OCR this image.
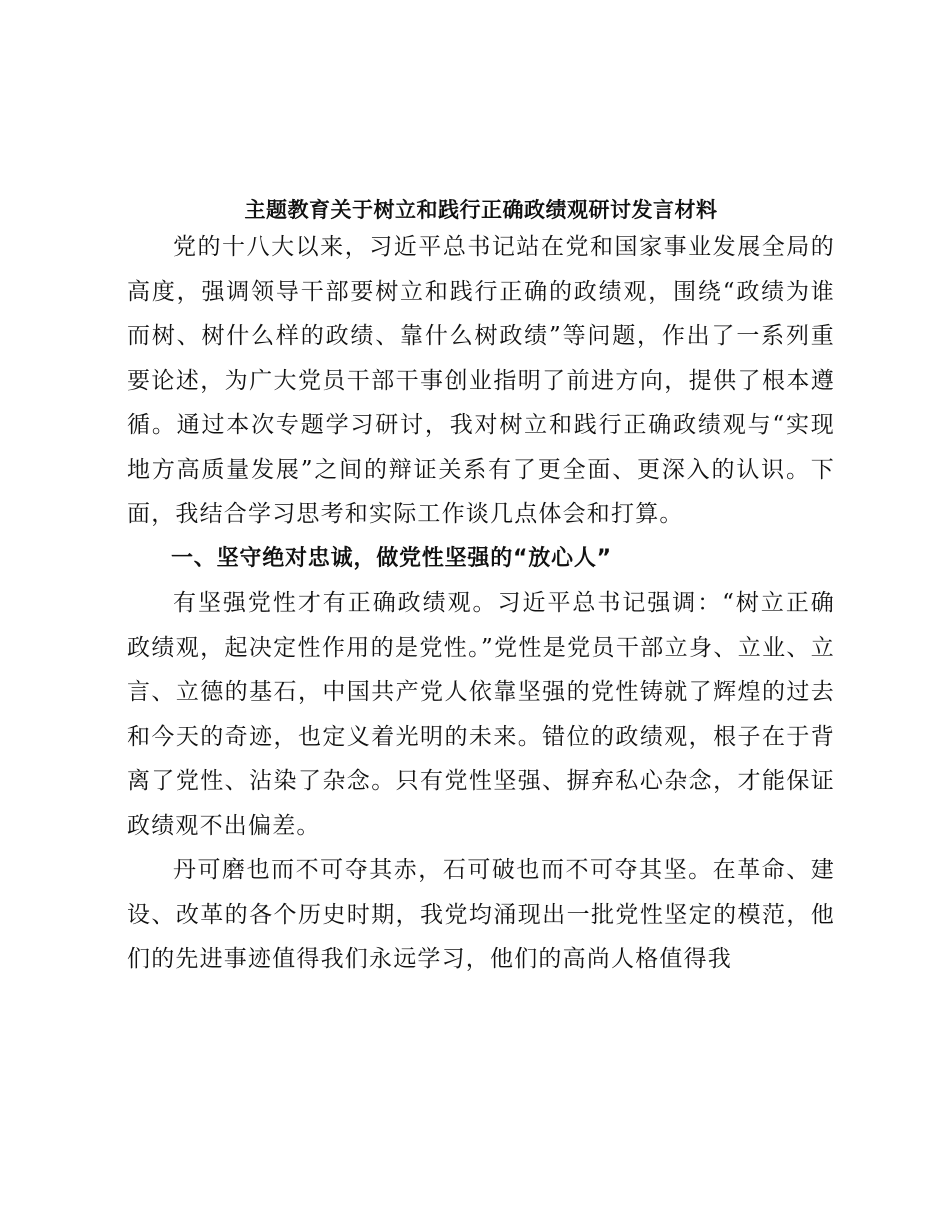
主题教育关于树立和践行正确政绩观研讨发言材料

党的十八大以来，习近平总书记站在党和国家事业发展全局的高度，强调领导干部要树立和践行正确的政绩观，围绕“政绩为谁而树、树什么样的政绩、靠什么树政绩”等问题，作出了一系列重要论述，为广大党员干部干事创业指明了前进方向，提供了根本遵循。通过本次专题学习研讨，我对树立和践行正确政绩观与“实现地方高质量发展”之间的辩证关系有了更全面、更深入的认识。下面，我结合学习思考和实际工作谈几点体会和打算。

一、坚守绝对忠诚，做党性坚强的“放心人”

有坚强党性才有正确政绩观。习近平总书记强调：“树立正确政绩观，起决定性作用的是党性。”党性是党员干部立身、立业、立言、立德的基石，中国共产党人依靠坚强的党性铸就了辉煌的过去和今天的奇迹，也定义着光明的未来。错位的政绩观，根子在于背离了党性、沾染了杂念。只有党性坚强、摒弃私心杂念，才能保证政绩观不出偏差。

丹可磨也而不可夺其赤，石可破也而不可夺其坚。在革命、建设、改革的各个历史时期，我党均涌现出一批党性坚定的模范，他们的先进事迹值得我们永远学习，他们的高尚人格值得我
